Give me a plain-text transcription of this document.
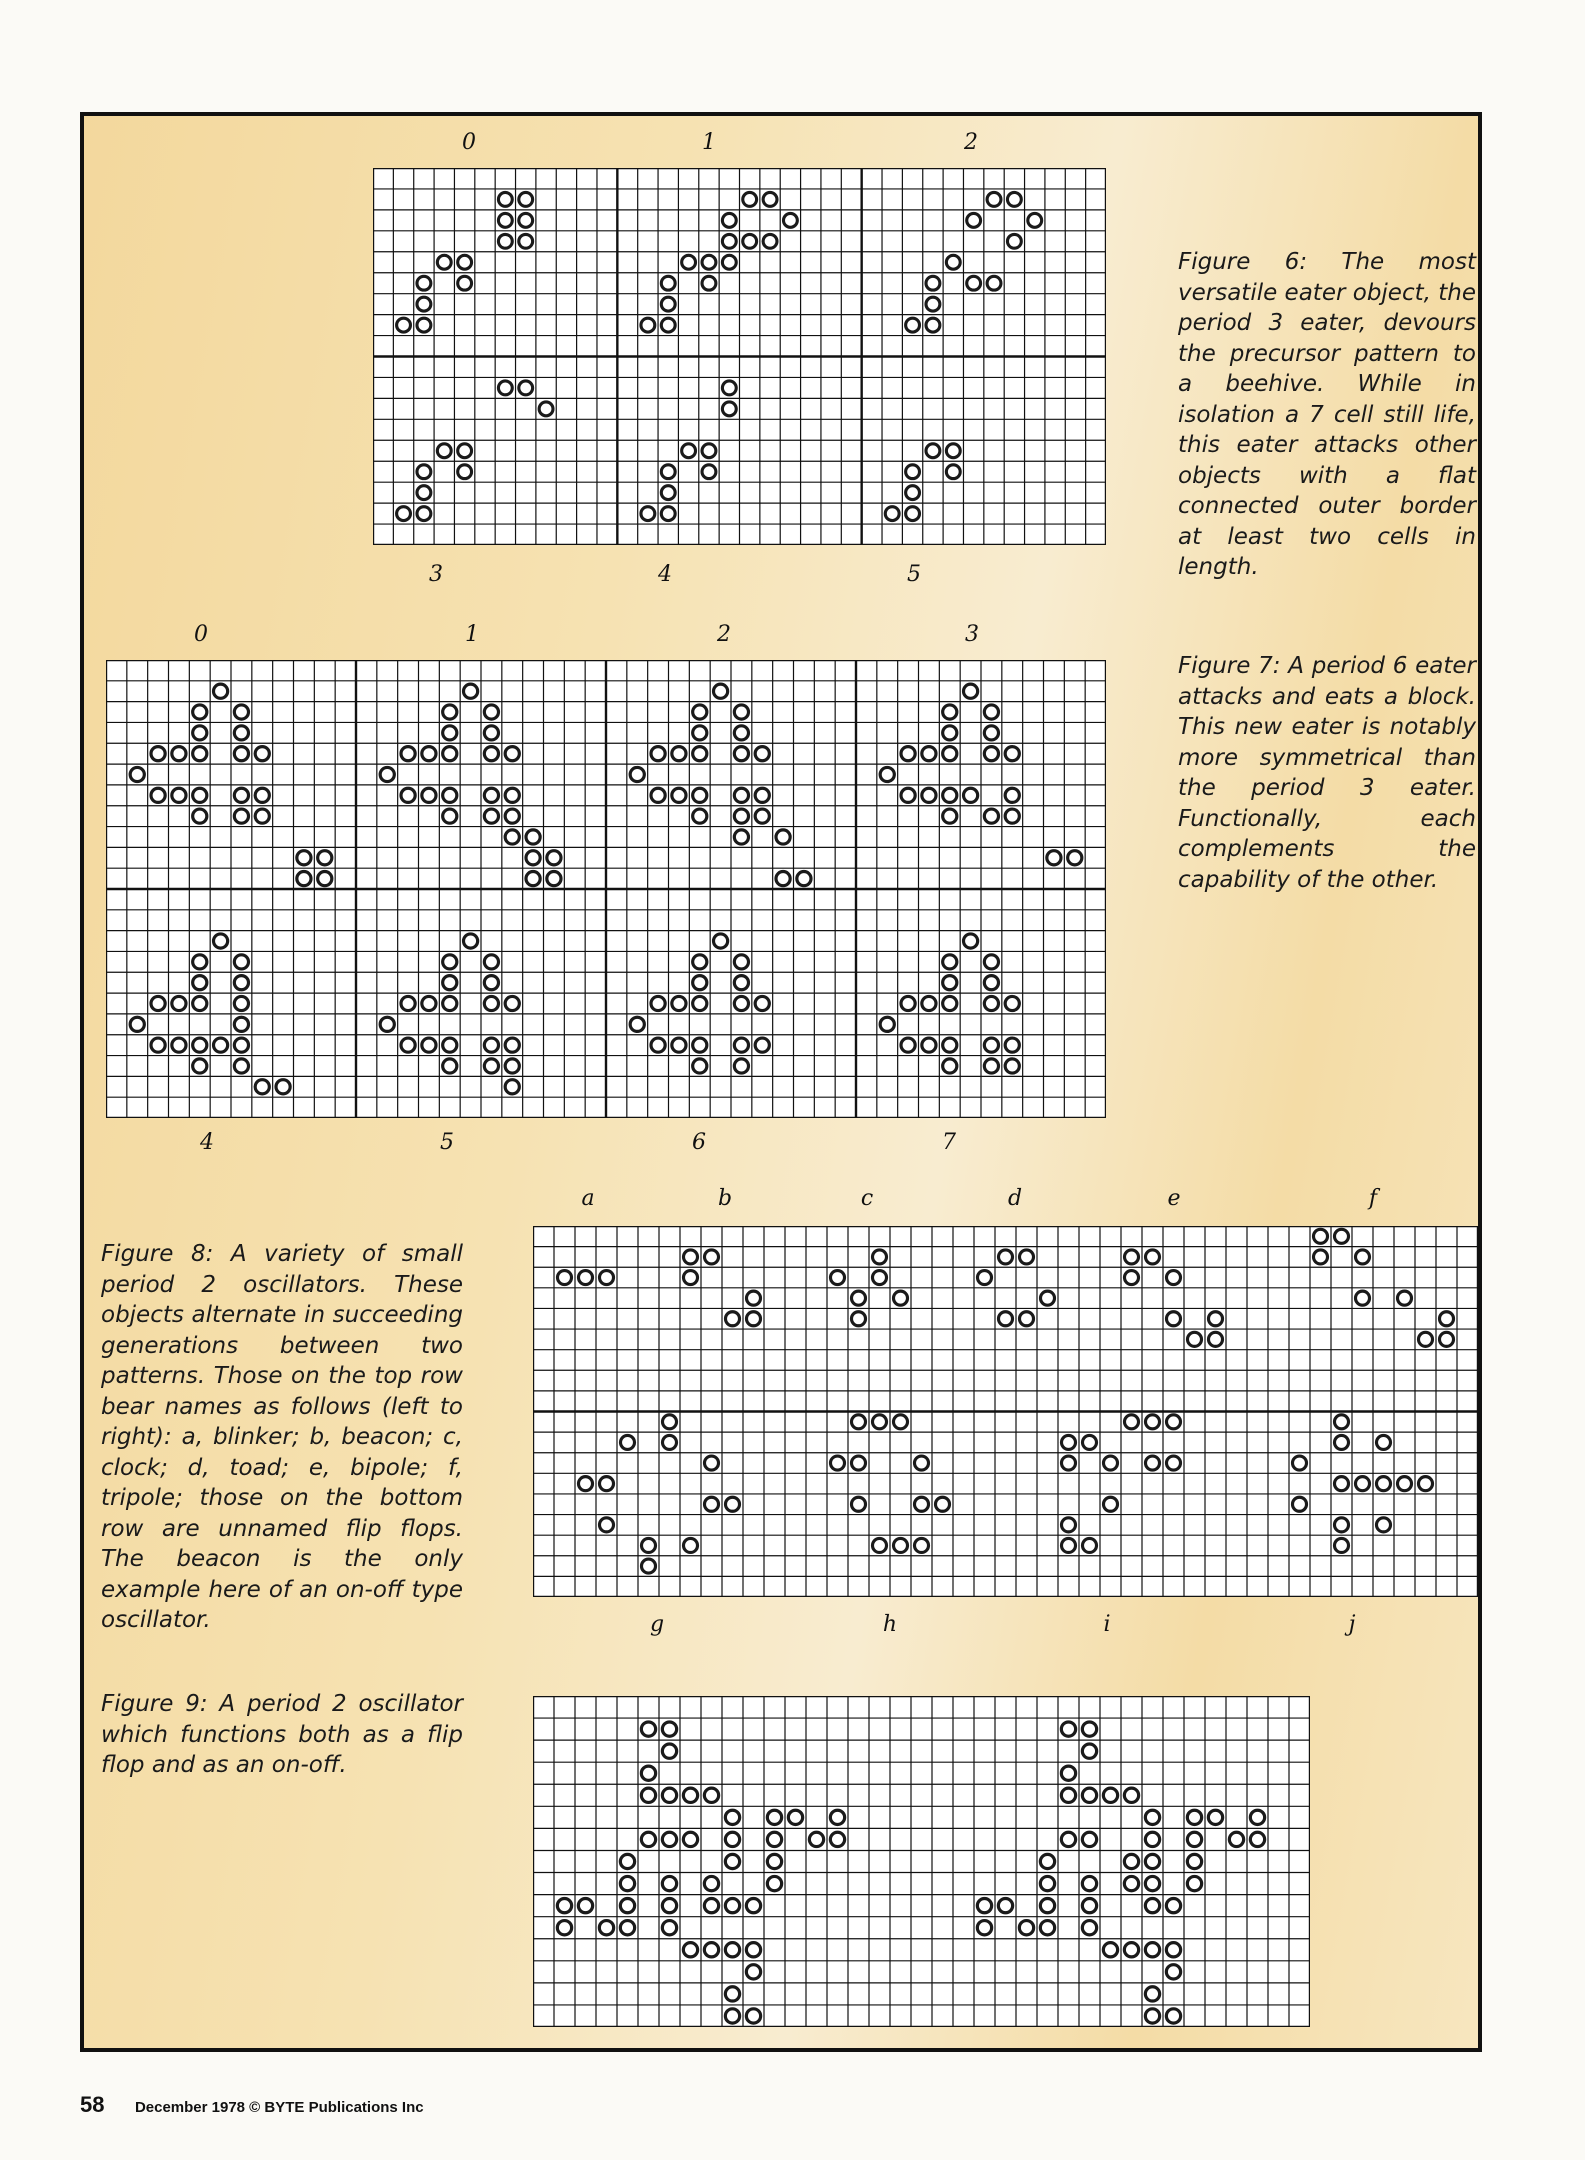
0	1	2
3	4	5

Figure 6: The most versatile eater object, the period 3 eater, devours the precursor pattern to a beehive. While in isolation a 7 cell still life, this eater attacks other objects with a flat connected outer border at least two cells in length.

0	1	2	3
4	5	6	7

Figure 7: A period 6 eater attacks and eats a block. This new eater is notably more symmetrical than the period 3 eater. Functionally, each complements the capability of the other.

a	b	c	d	e	f
g	h	i	j

Figure 8: A variety of small period 2 oscillators. These objects alternate in succeeding generations between two patterns. Those on the top row bear names as follows (left to right): a, blinker; b, beacon; c, clock; d, toad; e, bipole; f, tripole; those on the bottom row are unnamed flip flops. The beacon is the only example here of an on-off type oscillator.

Figure 9: A period 2 oscillator which functions both as a flip flop and as an on-off.

58 December 1978 © BYTE Publications Inc
